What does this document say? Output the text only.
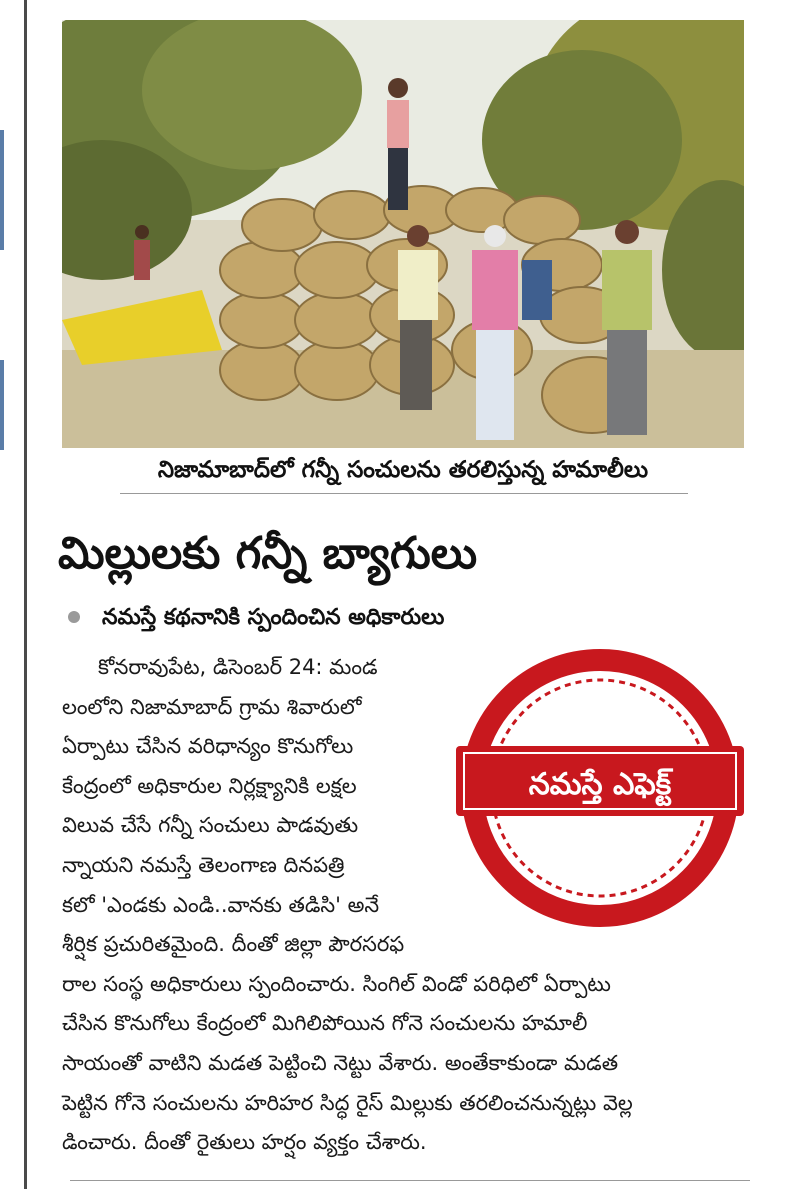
నిజామాబాద్‌లో గన్నీ సంచులను తరలిస్తున్న హమాలీలు
మిల్లులకు గన్నీ బ్యాగులు
నమస్తే కథనానికి స్పందించిన అధికారులు
కోనరావుపేట, డిసెంబర్ 24: మండ
లంలోని నిజామాబాద్ గ్రామ శివారులో
ఏర్పాటు చేసిన వరిధాన్యం కొనుగోలు
కేంద్రంలో అధికారుల నిర్లక్ష్యానికి లక్షల
విలువ చేసే గన్నీ సంచులు పాడవుతు
న్నాయని నమస్తే తెలంగాణ దినపత్రి
కలో 'ఎండకు ఎండి..వానకు తడిసి' అనే
శీర్షిక ప్రచురితమైంది. దీంతో జిల్లా పౌరసరఫ
రాల సంస్థ అధికారులు స్పందించారు. సింగిల్ విండో పరిధిలో ఏర్పాటు
చేసిన కొనుగోలు కేంద్రంలో మిగిలిపోయిన గోనె సంచులను హమాలీ
సాయంతో వాటిని మడత పెట్టించి నెట్టు వేశారు. అంతేకాకుండా మడత
పెట్టిన గోనె సంచులను హరిహర సిద్ధ రైస్ మిల్లుకు తరలించనున్నట్లు వెల్ల
డించారు. దీంతో రైతులు హర్షం వ్యక్తం చేశారు.
నమస్తే ఎఫెక్ట్
